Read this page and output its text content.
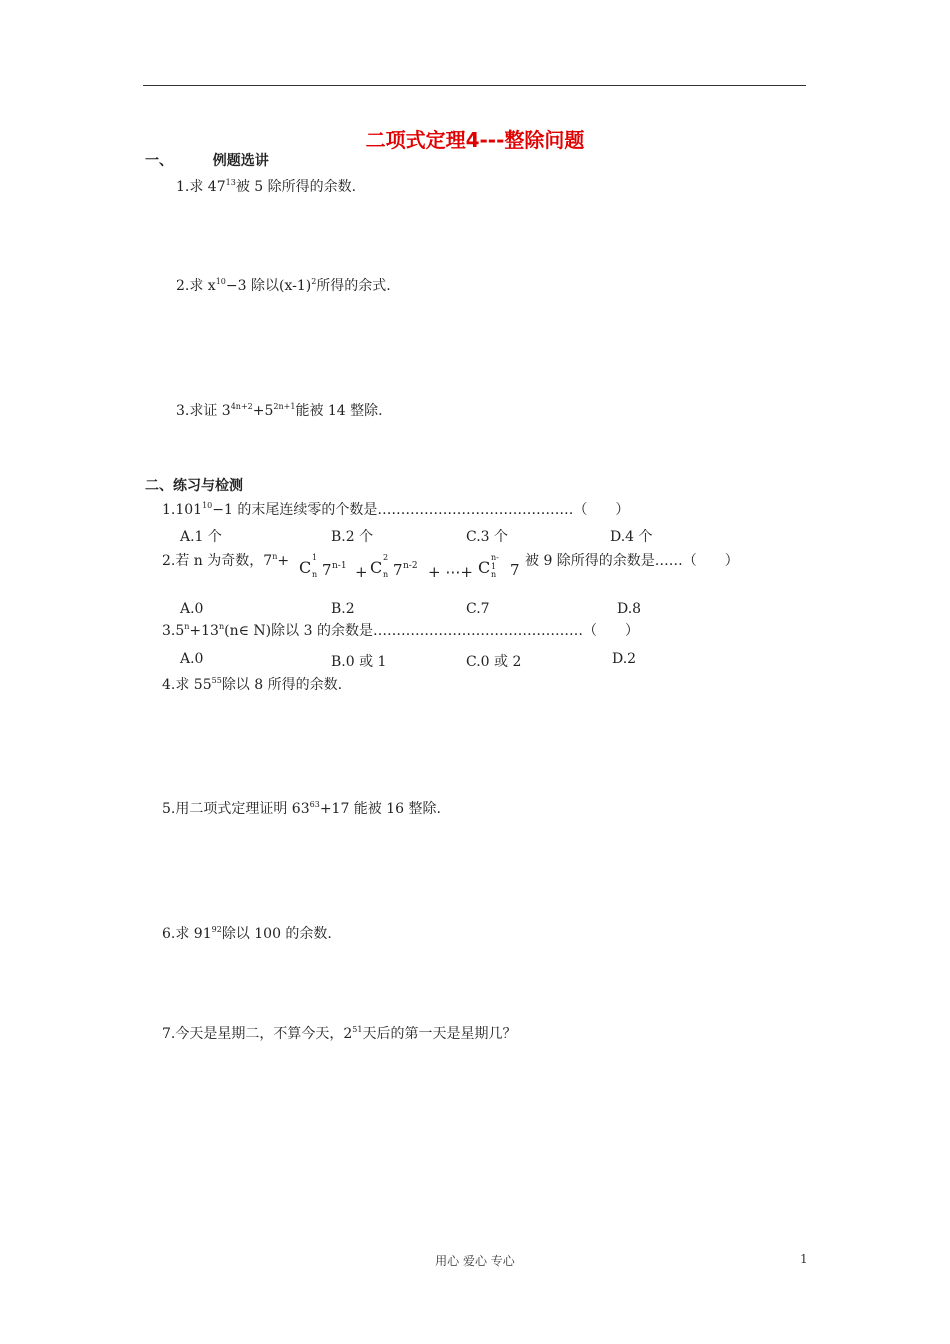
二项式定理4---整除问题
一、	例题选讲
1.求 $47^{13}$被 5 除所得的余数.
2.求 $x^{10}-3$ 除以$(x-1)^2$所得的余式.
3.求证 $3^{4n+2}+5^{2n+1}$能被 14 整除.
二、练习与检测
$1.101^{10}-1$ 的末尾连续零的个数是……………………………………（　　）
A.1 个	B.2 个	C.3 个	D.4 个
2.若 n 为奇数，$7^n+ C$
1
n 7 n-1 + C
2
n 7 n-2 + ⋯+ C
n-1
n 7 被 9 除所得的余数是……（　　）
A.0	B.2	C.7	D.8
$3.5^n+13^n(n\in$ N)除以 3 的余数是………………………………………（　　）
A.0	B.0 或 1	C.0 或 2	D.2
4.求 $55^{55}$除以 8 所得的余数.
5.用二项式定理证明 $63^{63}+17$ 能被 16 整除.
6.求 $91^{92}$除以 100 的余数.
7.今天是星期二，不算今天，$2^{51}$天后的第一天是星期几？
用心 爱心 专心	1
